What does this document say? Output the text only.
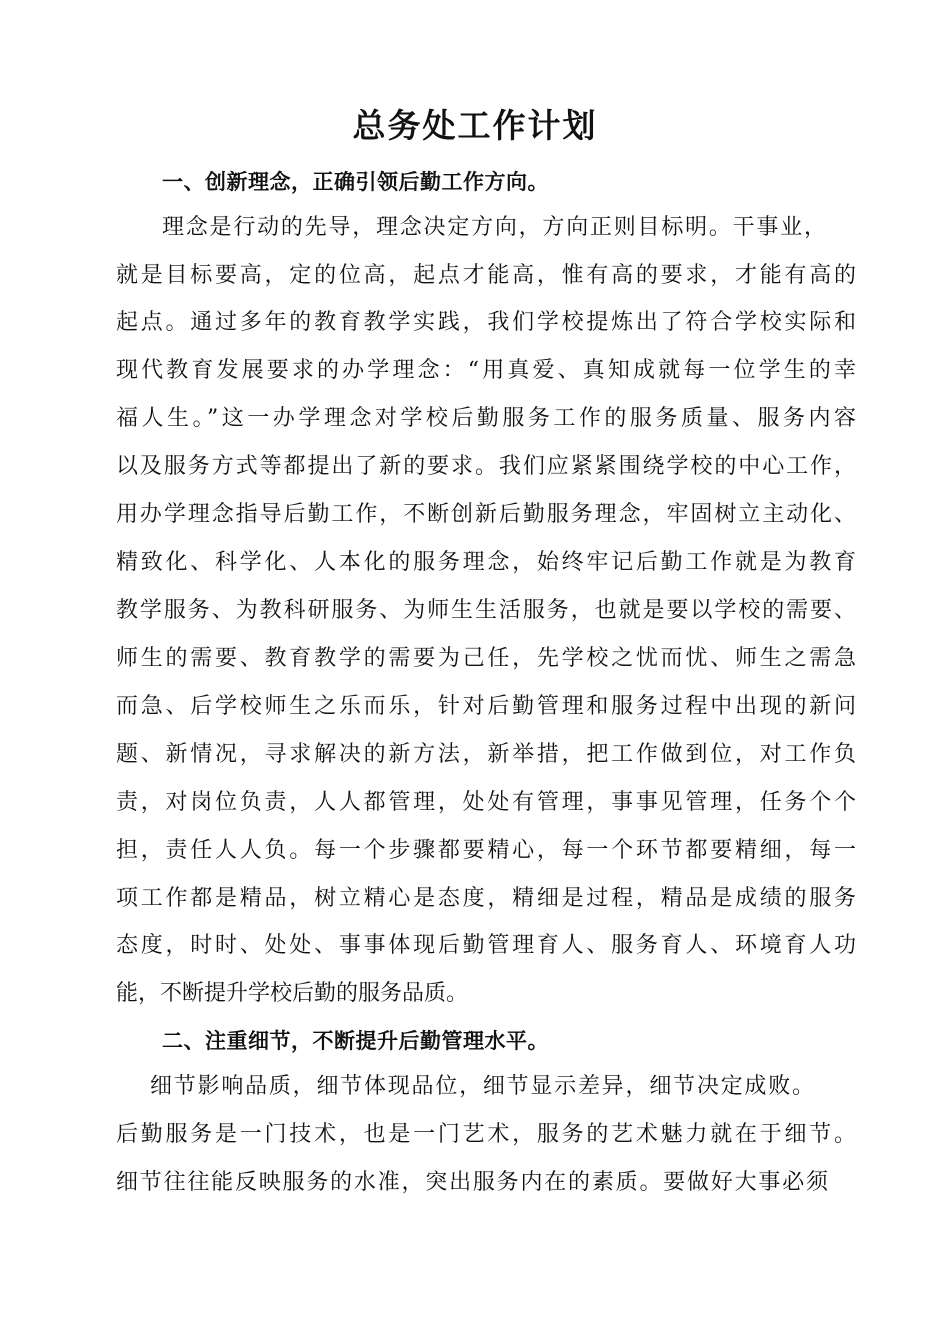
总务处工作计划
一、创新理念，正确引领后勤工作方向。
理念是行动的先导，理念决定方向，方向正则目标明。干事业，
就是目标要高，定的位高，起点才能高，惟有高的要求，才能有高的
起点。通过多年的教育教学实践，我们学校提炼出了符合学校实际和
现代教育发展要求的办学理念：“用真爱、真知成就每一位学生的幸
福人生。”这一办学理念对学校后勤服务工作的服务质量、服务内容
以及服务方式等都提出了新的要求。我们应紧紧围绕学校的中心工作，
用办学理念指导后勤工作，不断创新后勤服务理念，牢固树立主动化、
精致化、科学化、人本化的服务理念，始终牢记后勤工作就是为教育
教学服务、为教科研服务、为师生生活服务，也就是要以学校的需要、
师生的需要、教育教学的需要为己任，先学校之忧而忧、师生之需急
而急、后学校师生之乐而乐，针对后勤管理和服务过程中出现的新问
题、新情况，寻求解决的新方法，新举措，把工作做到位，对工作负
责，对岗位负责，人人都管理，处处有管理，事事见管理，任务个个
担，责任人人负。每一个步骤都要精心，每一个环节都要精细，每一
项工作都是精品，树立精心是态度，精细是过程，精品是成绩的服务
态度，时时、处处、事事体现后勤管理育人、服务育人、环境育人功
能，不断提升学校后勤的服务品质。
二、注重细节，不断提升后勤管理水平。
细节影响品质，细节体现品位，细节显示差异，细节决定成败。
后勤服务是一门技术，也是一门艺术，服务的艺术魅力就在于细节。
细节往往能反映服务的水准，突出服务内在的素质。要做好大事必须
